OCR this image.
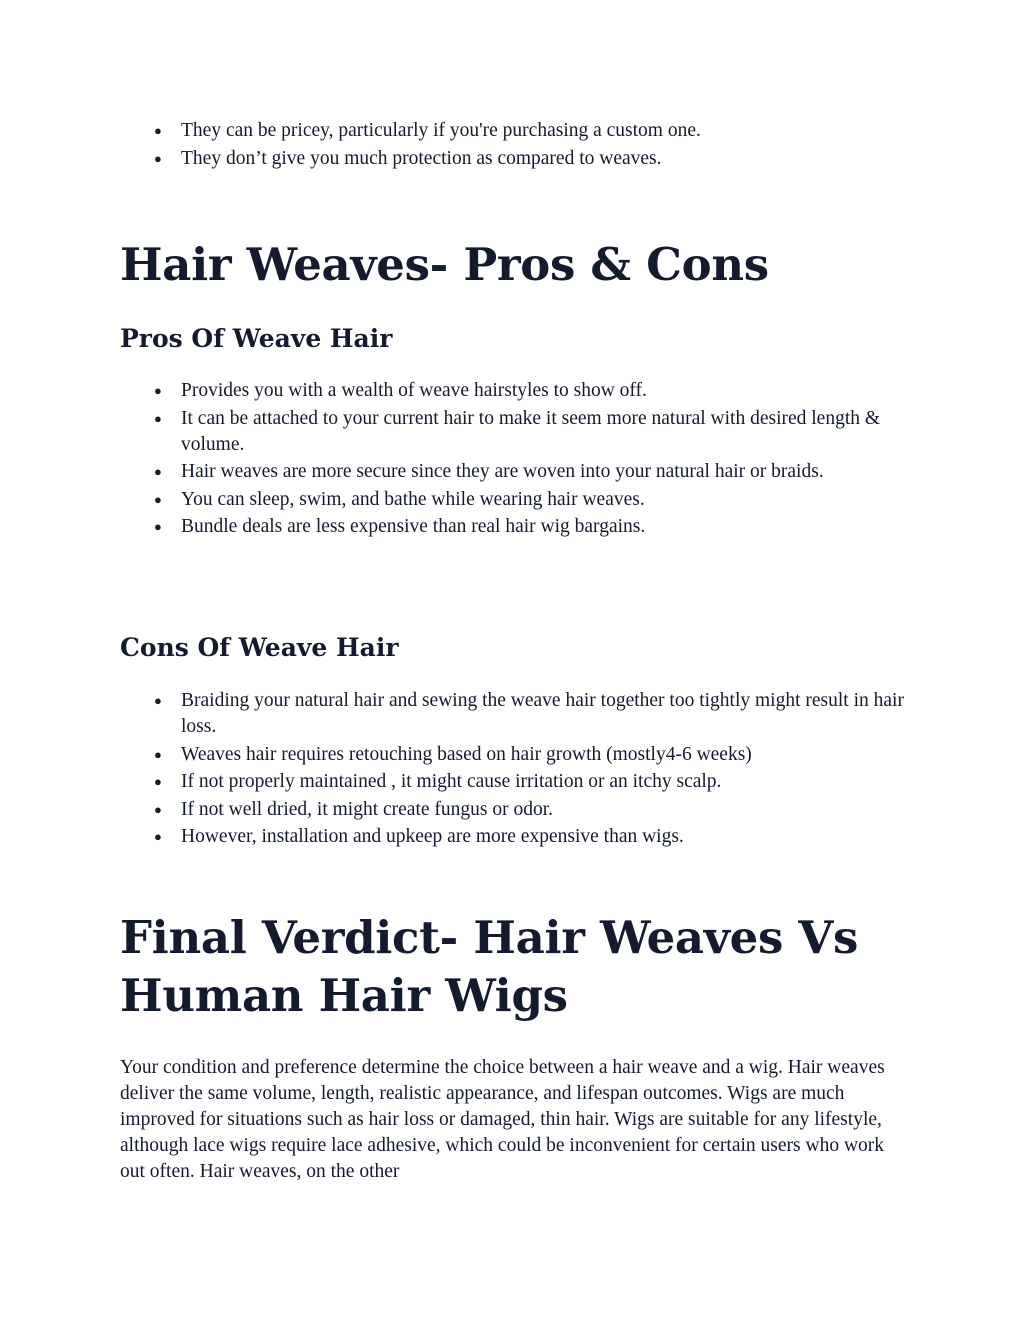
● They can be pricey, particularly if you're purchasing a custom one.
● They don’t give you much protection as compared to weaves.
Hair Weaves- Pros & Cons
Pros Of Weave Hair
● Provides you with a wealth of weave hairstyles to show off.
● It can be attached to your current hair to make it seem more natural with desired length & volume.
● Hair weaves are more secure since they are woven into your natural hair or braids.
● You can sleep, swim, and bathe while wearing hair weaves.
● Bundle deals are less expensive than real hair wig bargains.
Cons Of Weave Hair
● Braiding your natural hair and sewing the weave hair together too tightly might result in hair loss.
● Weaves hair requires retouching based on hair growth (mostly4-6 weeks)
● If not properly maintained , it might cause irritation or an itchy scalp.
● If not well dried, it might create fungus or odor.
● However, installation and upkeep are more expensive than wigs.
Final Verdict- Hair Weaves Vs Human Hair Wigs

Your condition and preference determine the choice between a hair weave and a wig. Hair weaves deliver the same volume, length, realistic appearance, and lifespan outcomes. Wigs are much improved for situations such as hair loss or damaged, thin hair. Wigs are suitable for any lifestyle, although lace wigs require lace adhesive, which could be inconvenient for certain users who work out often. Hair weaves, on the other
